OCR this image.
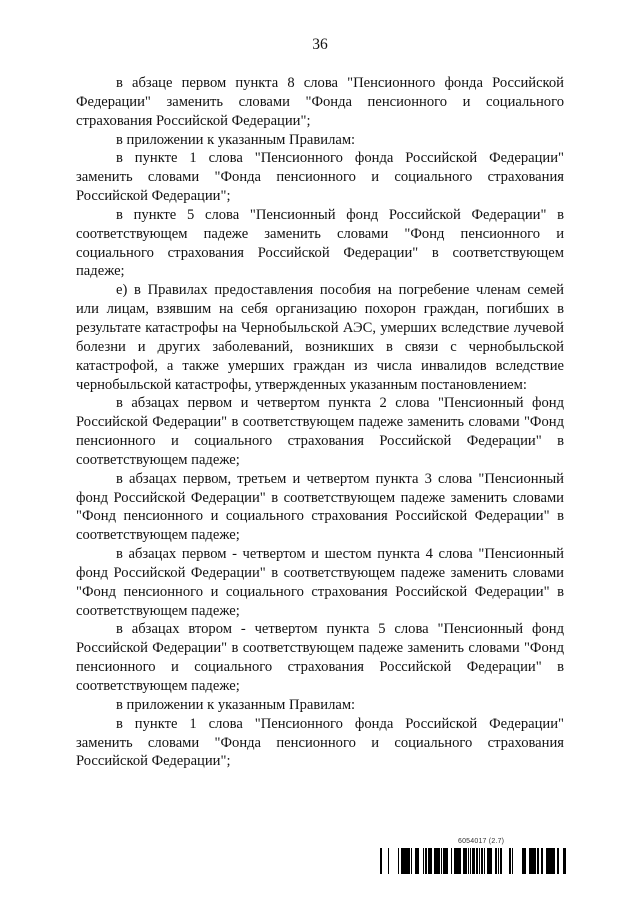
36

в абзаце первом пункта 8 слова "Пенсионного фонда Российской Федерации" заменить словами "Фонда пенсионного и социального страхования Российской Федерации";

в приложении к указанным Правилам:

в пункте 1 слова "Пенсионного фонда Российской Федерации" заменить словами "Фонда пенсионного и социального страхования Российской Федерации";

в пункте 5 слова "Пенсионный фонд Российской Федерации" в соответствующем падеже заменить словами "Фонд пенсионного и социального страхования Российской Федерации" в соответствующем падеже;

е) в Правилах предоставления пособия на погребение членам семей или лицам, взявшим на себя организацию похорон граждан, погибших в результате катастрофы на Чернобыльской АЭС, умерших вследствие лучевой болезни и других заболеваний, возникших в связи с чернобыльской катастрофой, а также умерших граждан из числа инвалидов вследствие чернобыльской катастрофы, утвержденных указанным постановлением:

в абзацах первом и четвертом пункта 2 слова "Пенсионный фонд Российской Федерации" в соответствующем падеже заменить словами "Фонд пенсионного и социального страхования Российской Федерации" в соответствующем падеже;

в абзацах первом, третьем и четвертом пункта 3 слова "Пенсионный фонд Российской Федерации" в соответствующем падеже заменить словами "Фонд пенсионного и социального страхования Российской Федерации" в соответствующем падеже;

в абзацах первом - четвертом и шестом пункта 4 слова "Пенсионный фонд Российской Федерации" в соответствующем падеже заменить словами "Фонд пенсионного и социального страхования Российской Федерации" в соответствующем падеже;

в абзацах втором - четвертом пункта 5 слова "Пенсионный фонд Российской Федерации" в соответствующем падеже заменить словами "Фонд пенсионного и социального страхования Российской Федерации" в соответствующем падеже;

в приложении к указанным Правилам:

в пункте 1 слова "Пенсионного фонда Российской Федерации" заменить словами "Фонда пенсионного и социального страхования Российской Федерации";

6054017 (2.7)
